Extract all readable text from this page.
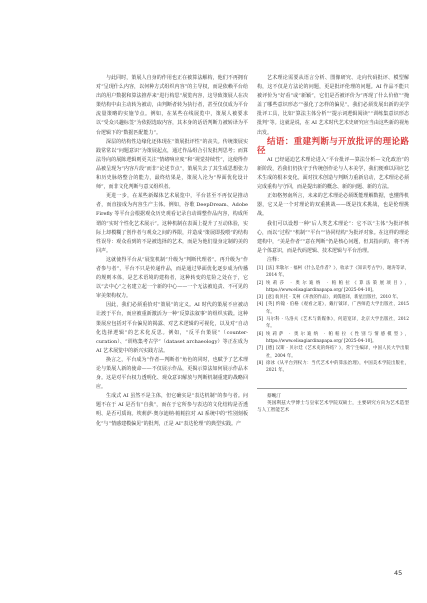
与此同时，策展人自身的作用也正在被算法解构，他们不再拥有对“呈现什么内容，以何种方式组织内容”的主导权，而是依赖平台给出的用户数据和算法推荐来“进行构思”展览内容，这导致策展人在决策结构中由主动转为被动，由判断者转为执行者，甚至仅仅成为平台流量策略的实施节点。例如，在某些在线展览中，策展人被要求以“受众兴趣标签”为依据选取内容，其本身的话语判断力被转译为平台逻辑下的“数据匹配能力”。

深层的结构性边缘化还体现在“策展批评性”的丧失。传统策展实践常常以“问题意识”为策展起点，通过作品组合引发批判思考；而算法导向的展陈逻辑则更关注“情绪响应度”和“视觉持续性”，这使得作品被呈现为“内容片段”而非“论述节点”，策展失去了其生成思想张力和历史脉络整合的能力，最终结果是，策展人沦为“界面优化设计师”，而非文化判断与意义组织者。

更进一步，在某些新媒体艺术展览中，平台甚至不再仅是推动者，而直接成为内容生产主体。例如，谷歌 DeepDream、Adobe Firefly 等平台会根据观众历史观看记录自动调整作品内容，构成所谓的“实时个性化艺术展示”。这种机制在表面上提升了互动体验，实际上却模糊了创作者与观众之间的界限，并造成“策展即投喂”的结构性误导：观众看到的不是被选择的艺术，而是为他们量身定制的美的回声。

这就使得平台从“展览机制”升级为“判断代理者”。再升级为“作者参与者”，平台不只是传递作品，而是通过界面优化逐步成为传播的规则本体，是艺术语境的建构者，这种转变的危险之处在于，它以“去中心”之名建立起一个新的中心——一个无法被追责、不可见的审美架构权力。

因此，我们必须重拾对“策展”的定义。AI 时代的策展不应被动让渡于平台，而应被重新激活为一种“反算法叙事”的组织实践。这种策展应包括对平台偏见的揭露、对艺术逻辑的可视化，以及对“自动化选择逻辑”的艺术化反思。例如，“反平台策展”（counter-curation）、“训练集考古学”（dataset archaeology）等正在成为 AI 艺术展览中的新兴实践方法。

换言之，平台成为“作者—判断者”角色的同时，也赋予了艺术理论与策展人新的使命——不仅展示作品，更揭示算法如何展示作品本身。这是对平台权力透明化、观众意识解放与判断机制重建的战略回应。

生成式 AI 虽然不是主体，但它确实是“表达机制”的参与者。问题不在于 AI 是否有“自我”，而在于它所参与表达的文化结构是否透明、是否可质询。埃莉萨·奥尔迪纳·帕帕拉对 AI 系统中的“性别刻板化”与“情感建模偏见”的批判，正是 AI“表达伦理”的典型实践。产

艺术理论需要从语言分析、图像研究、走向代码批评、模型解构，这不仅是方法论的问题，更是批评伦理的问题。AI 作品不能只被评价为“好看”或“新颖”，它们是否被评价为“再现了什么价值”“掩盖了哪些意识形态”“强化了怎样的偏见”。我们必须发展出新的美学批评工具，比如“算法主体分析”“提示词逻辑阅读”“训练集意识形态批判”等。这就是说，在 AI 艺术时代艺术史研究应当由这些新的视角出发。

结语：重建判断与开放批评的理论路径

AI 已经逼迫艺术理论进入“平台批评—算法分析—文化政治”的新阶段，若我们仍执守于传统创作论与人本美学，我们便难以回应艺术生成的根本变化。面对技术创造与判断力重新启动，艺术理论必须完成重构与守回，而是提出新的概念、新的问题、新的方法。

正如格努南所言，未来的艺术理论必须既能理解数据，也懂得机器，它又是一个对理论的双重挑战——既是技术挑战，也是伦理挑战。

我们可以设想一种“后人类艺术理论”：它不以“主体”为批评核心，而以“过程”“机制”“平台”“协同结构”为批评对象。在这样的理论建构中，“美是作者”“意在判断”仍是核心问题，但其指向的，将不再是个体意识，而是代码逻辑、技术逻辑与平台治理。

注释：

[1] [法] 米歇尔 · 福柯《什么是作者？》，收录于《知识考古学》，谢涛等译，2014 年。
[2] 埃莉莎 · 奥尔迪纳 · 帕帕拉《算法策展项目》，https://www.elisagiardinapapa.org/ [2025-04-10]。
[3] [意] 翁贝托 · 艾柯《开放的作品》，刘儒庭译，新星出版社，2010 年。
[4] [英] 约翰 · 伯格《观看之道》，戴行钺译，广西师范大学出版社，2015 年。
[5] 马尔科 · 马洛夫《艺术与新媒体》，何道宽译，北京大学出版社，2012 年。
[6] 埃莉萨 · 奥尔迪纳 · 帕帕拉《性别与情感模型》，https://www.elisagiardinapapa.org/ [2025-04-10]。
[7] [德] 汉斯 · 贝尔廷《艺术史的终结？》，常宁生编译，中国人民大学出版社，2004 年。
[8] 徐冰《从平台到权力：当代艺术中的算法治理》，中国美术学院出版社，2021 年。

蔡畹汀

英国利兹大学博士与皇家艺术学院双硕士，主要研究方向为艺术造型与人工智能艺术

45
